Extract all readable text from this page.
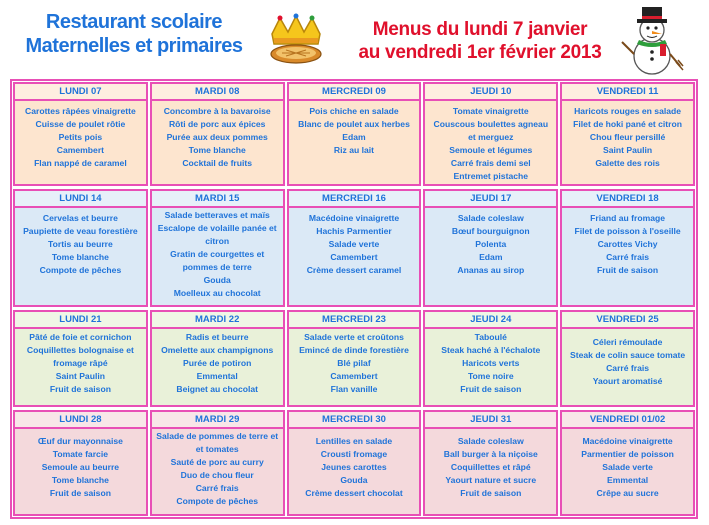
Restaurant scolaire
Maternelles et primaires
Menus du lundi 7 janvier
au vendredi 1er février 2013
LUNDI 07
Carottes râpées vinaigrette
Cuisse de poulet rôtie
Petits pois
Camembert
Flan nappé de caramel
MARDI 08
Concombre à la bavaroise
Rôti de porc aux épices
Purée aux deux pommes
Tome blanche
Cocktail de fruits
MERCREDI 09
Pois chiche en salade
Blanc de poulet aux herbes
Edam
Riz au lait
JEUDI 10
Tomate vinaigrette
Couscous boulettes agneau
et merguez
Semoule et légumes
Carré frais demi sel
Entremet pistache
VENDREDI 11
Haricots rouges en salade
Filet de hoki pané et citron
Chou fleur persillé
Saint Paulin
Galette des rois
LUNDI 14
Cervelas et beurre
Paupiette de veau forestière
Tortis au beurre
Tome blanche
Compote de pêches
MARDI 15
Salade betteraves et maïs
Escalope de volaille panée et
citron
Gratin de courgettes et
pommes de terre
Gouda
Moelleux au chocolat
MERCREDI 16
Macédoine vinaigrette
Hachis Parmentier
Salade verte
Camembert
Crème dessert caramel
JEUDI 17
Salade coleslaw
Bœuf bourguignon
Polenta
Edam
Ananas au sirop
VENDREDI 18
Friand au fromage
Filet de poisson à l'oseille
Carottes Vichy
Carré frais
Fruit de saison
LUNDI 21
Pâté de foie et cornichon
Coquillettes bolognaise et
fromage râpé
Saint Paulin
Fruit de saison
MARDI 22
Radis et beurre
Omelette aux champignons
Purée de potiron
Emmental
Beignet au chocolat
MERCREDI 23
Salade verte et croûtons
Emincé de dinde forestière
Blé pilaf
Camembert
Flan vanille
JEUDI 24
Taboulé
Steak haché à l'échalote
Haricots verts
Tome noire
Fruit de saison
VENDREDI 25
Céleri rémoulade
Steak de colin sauce tomate
Carré frais
Yaourt aromatisé
LUNDI 28
Œuf dur mayonnaise
Tomate farcie
Semoule au beurre
Tome blanche
Fruit de saison
MARDI 29
Salade de pommes de terre et
et tomates
Sauté de porc au curry
Duo de chou fleur
Carré frais
Compote de pêches
MERCREDI 30
Lentilles en salade
Crousti fromage
Jeunes carottes
Gouda
Crème dessert chocolat
JEUDI 31
Salade coleslaw
Ball burger à la niçoise
Coquillettes et râpé
Yaourt nature et sucre
Fruit de saison
VENDREDI 01/02
Macédoine vinaigrette
Parmentier de poisson
Salade verte
Emmental
Crêpe au sucre
